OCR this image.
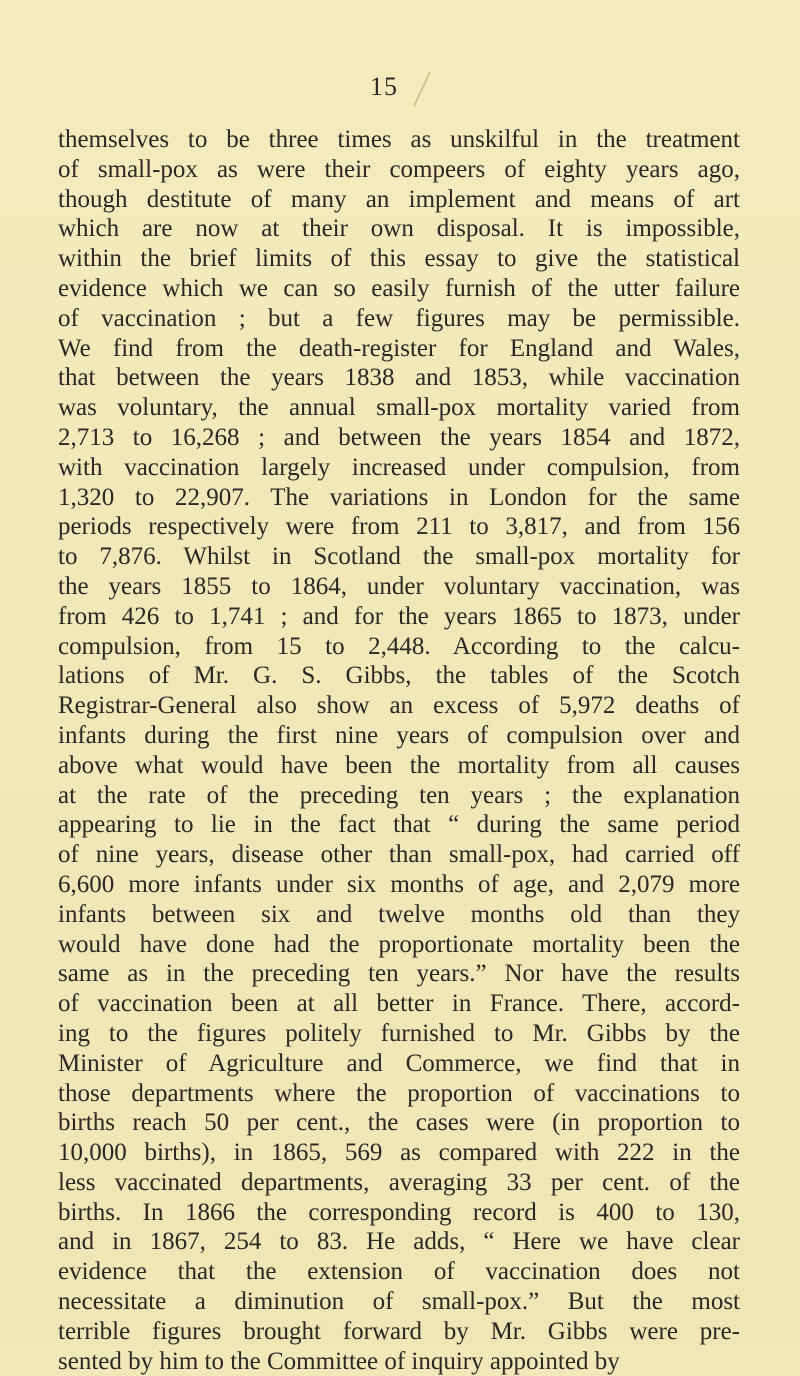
15
themselves to be three times as unskilful in the treatment
of small-pox as were their compeers of eighty years ago,
though destitute of many an implement and means of art
which are now at their own disposal. It is impossible,
within the brief limits of this essay to give the statistical
evidence which we can so easily furnish of the utter failure
of vaccination ; but a few figures may be permissible.
We find from the death-register for England and Wales,
that between the years 1838 and 1853, while vaccination
was voluntary, the annual small-pox mortality varied from
2,713 to 16,268 ; and between the years 1854 and 1872,
with vaccination largely increased under compulsion, from
1,320 to 22,907. The variations in London for the same
periods respectively were from 211 to 3,817, and from 156
to 7,876. Whilst in Scotland the small-pox mortality for
the years 1855 to 1864, under voluntary vaccination, was
from 426 to 1,741 ; and for the years 1865 to 1873, under
compulsion, from 15 to 2,448. According to the calcu-
lations of Mr. G. S. Gibbs, the tables of the Scotch
Registrar-General also show an excess of 5,972 deaths of
infants during the first nine years of compulsion over and
above what would have been the mortality from all causes
at the rate of the preceding ten years ; the explanation
appearing to lie in the fact that “ during the same period
of nine years, disease other than small-pox, had carried off
6,600 more infants under six months of age, and 2,079 more
infants between six and twelve months old than they
would have done had the proportionate mortality been the
same as in the preceding ten years.” Nor have the results
of vaccination been at all better in France. There, accord-
ing to the figures politely furnished to Mr. Gibbs by the
Minister of Agriculture and Commerce, we find that in
those departments where the proportion of vaccinations to
births reach 50 per cent., the cases were (in proportion to
10,000 births), in 1865, 569 as compared with 222 in the
less vaccinated departments, averaging 33 per cent. of the
births. In 1866 the corresponding record is 400 to 130,
and in 1867, 254 to 83. He adds, “ Here we have clear
evidence that the extension of vaccination does not
necessitate a diminution of small-pox.” But the most
terrible figures brought forward by Mr. Gibbs were pre-
sented by him to the Committee of inquiry appointed by
